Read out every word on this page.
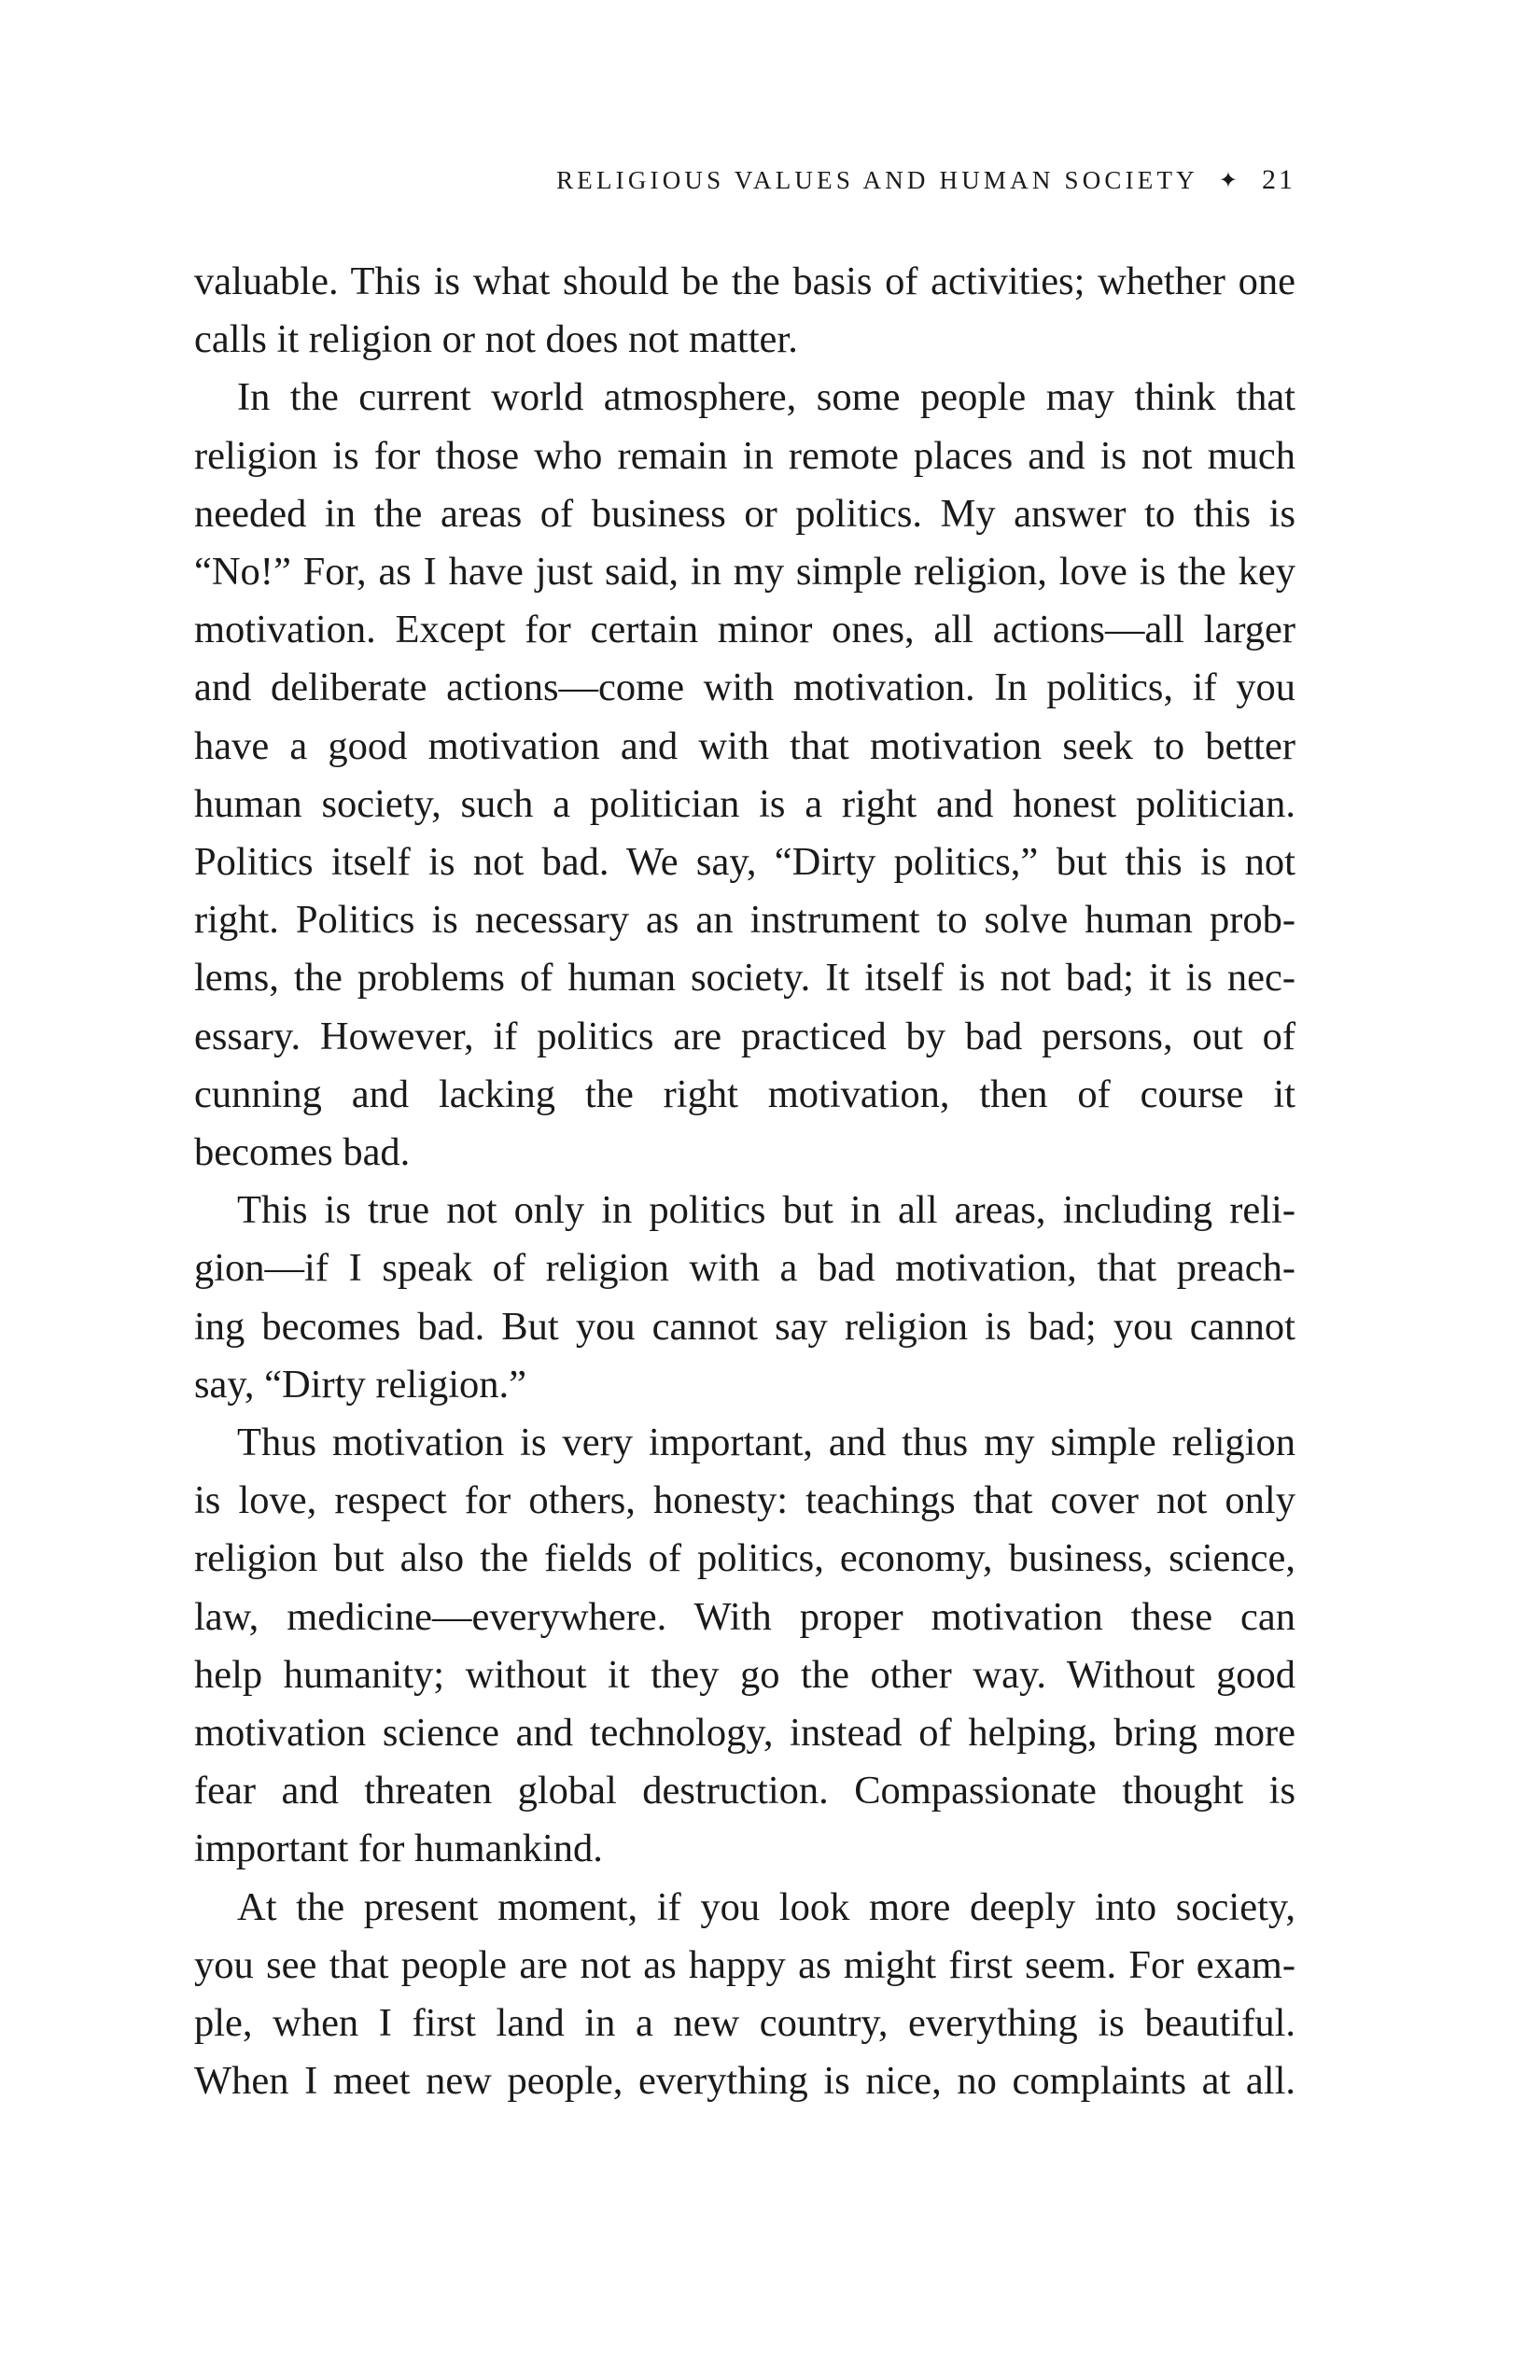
RELIGIOUS VALUES AND HUMAN SOCIETY ✦ 21

valuable. This is what should be the basis of activities; whether one
calls it religion or not does not matter.

In the current world atmosphere, some people may think that
religion is for those who remain in remote places and is not much
needed in the areas of business or politics. My answer to this is
“No!” For, as I have just said, in my simple religion, love is the key
motivation. Except for certain minor ones, all actions—all larger
and deliberate actions—come with motivation. In politics, if you
have a good motivation and with that motivation seek to better
human society, such a politician is a right and honest politician.
Politics itself is not bad. We say, “Dirty politics,” but this is not
right. Politics is necessary as an instrument to solve human prob-
lems, the problems of human society. It itself is not bad; it is nec-
essary. However, if politics are practiced by bad persons, out of
cunning and lacking the right motivation, then of course it
becomes bad.

This is true not only in politics but in all areas, including reli-
gion—if I speak of religion with a bad motivation, that preach-
ing becomes bad. But you cannot say religion is bad; you cannot
say, “Dirty religion.”

Thus motivation is very important, and thus my simple religion
is love, respect for others, honesty: teachings that cover not only
religion but also the fields of politics, economy, business, science,
law, medicine—everywhere. With proper motivation these can
help humanity; without it they go the other way. Without good
motivation science and technology, instead of helping, bring more
fear and threaten global destruction. Compassionate thought is
important for humankind.

At the present moment, if you look more deeply into society,
you see that people are not as happy as might first seem. For exam-
ple, when I first land in a new country, everything is beautiful.
When I meet new people, everything is nice, no complaints at all.
